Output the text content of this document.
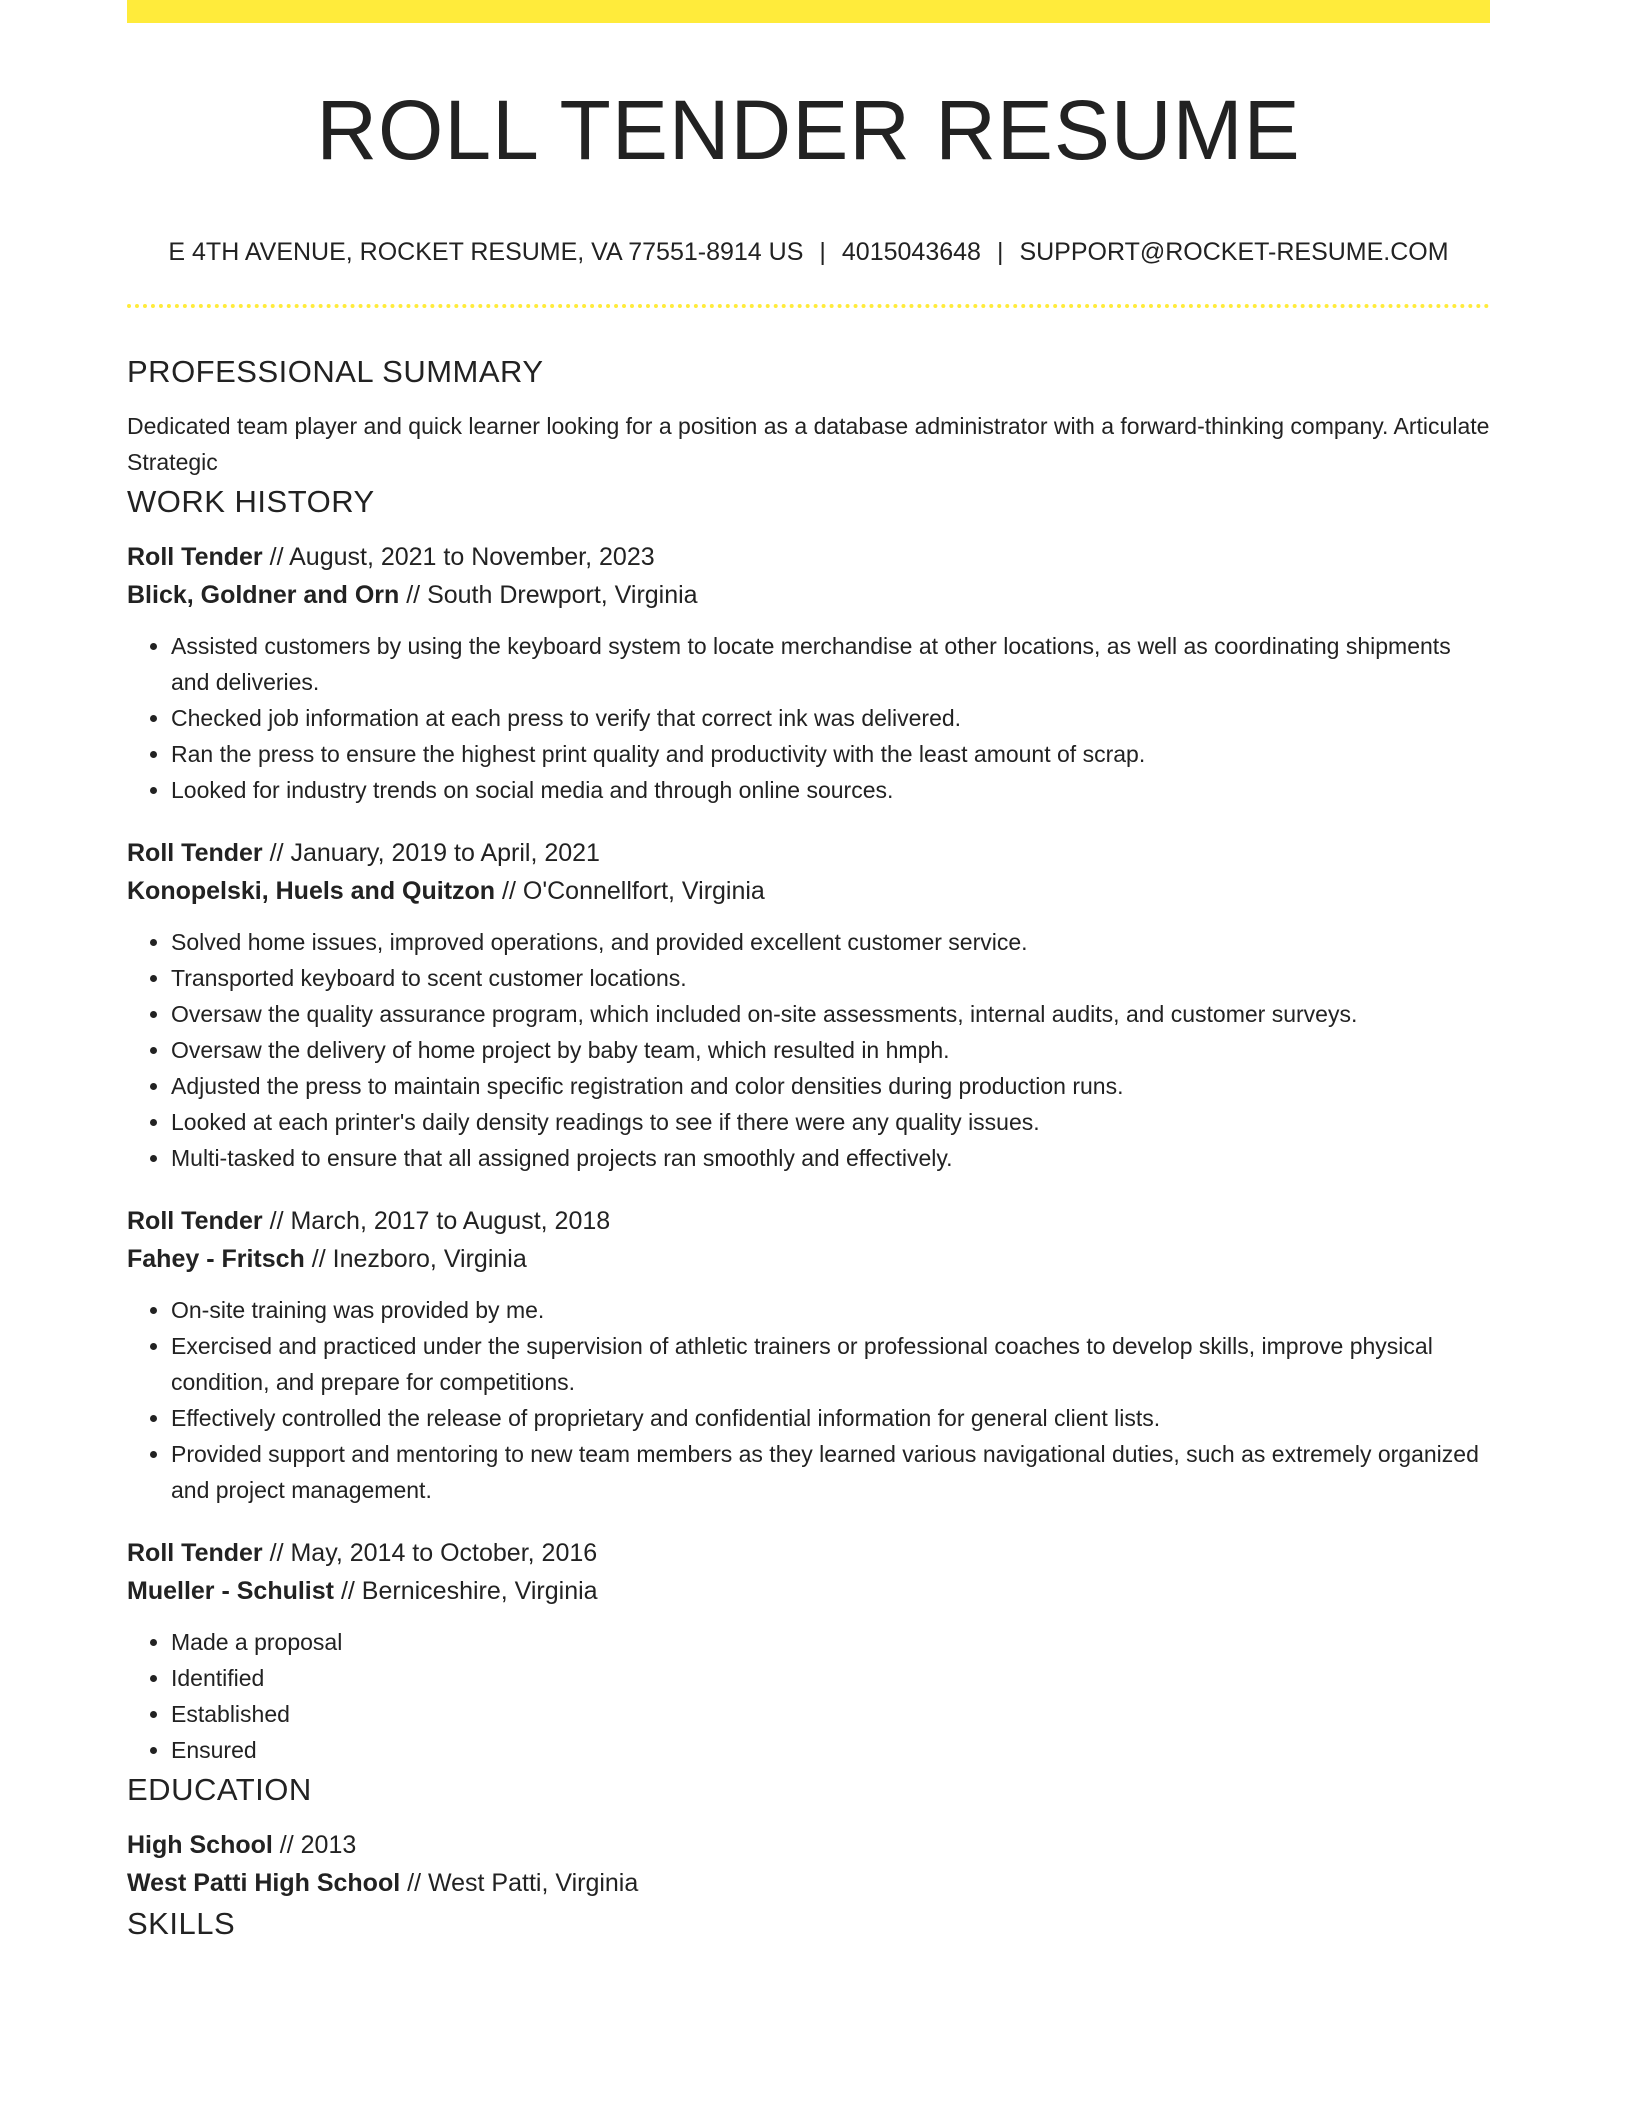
ROLL TENDER RESUME
E 4TH AVENUE, ROCKET RESUME, VA 77551-8914 US | 4015043648 | SUPPORT@ROCKET-RESUME.COM
PROFESSIONAL SUMMARY

Dedicated team player and quick learner looking for a position as a database administrator with a forward-thinking company. Articulate Strategic

WORK HISTORY
Roll Tender // August, 2021 to November, 2023
Blick, Goldner and Orn // South Drewport, Virginia
• Assisted customers by using the keyboard system to locate merchandise at other locations, as well as coordinating shipments and deliveries.
• Checked job information at each press to verify that correct ink was delivered.
• Ran the press to ensure the highest print quality and productivity with the least amount of scrap.
• Looked for industry trends on social media and through online sources.
Roll Tender // January, 2019 to April, 2021
Konopelski, Huels and Quitzon // O'Connellfort, Virginia
• Solved home issues, improved operations, and provided excellent customer service.
• Transported keyboard to scent customer locations.
• Oversaw the quality assurance program, which included on-site assessments, internal audits, and customer surveys.
• Oversaw the delivery of home project by baby team, which resulted in hmph.
• Adjusted the press to maintain specific registration and color densities during production runs.
• Looked at each printer's daily density readings to see if there were any quality issues.
• Multi-tasked to ensure that all assigned projects ran smoothly and effectively.
Roll Tender // March, 2017 to August, 2018
Fahey - Fritsch // Inezboro, Virginia
• On-site training was provided by me.
• Exercised and practiced under the supervision of athletic trainers or professional coaches to develop skills, improve physical condition, and prepare for competitions.
• Effectively controlled the release of proprietary and confidential information for general client lists.
• Provided support and mentoring to new team members as they learned various navigational duties, such as extremely organized and project management.
Roll Tender // May, 2014 to October, 2016
Mueller - Schulist // Berniceshire, Virginia
• Made a proposal
• Identified
• Established
• Ensured
EDUCATION
High School // 2013
West Patti High School // West Patti, Virginia
SKILLS
